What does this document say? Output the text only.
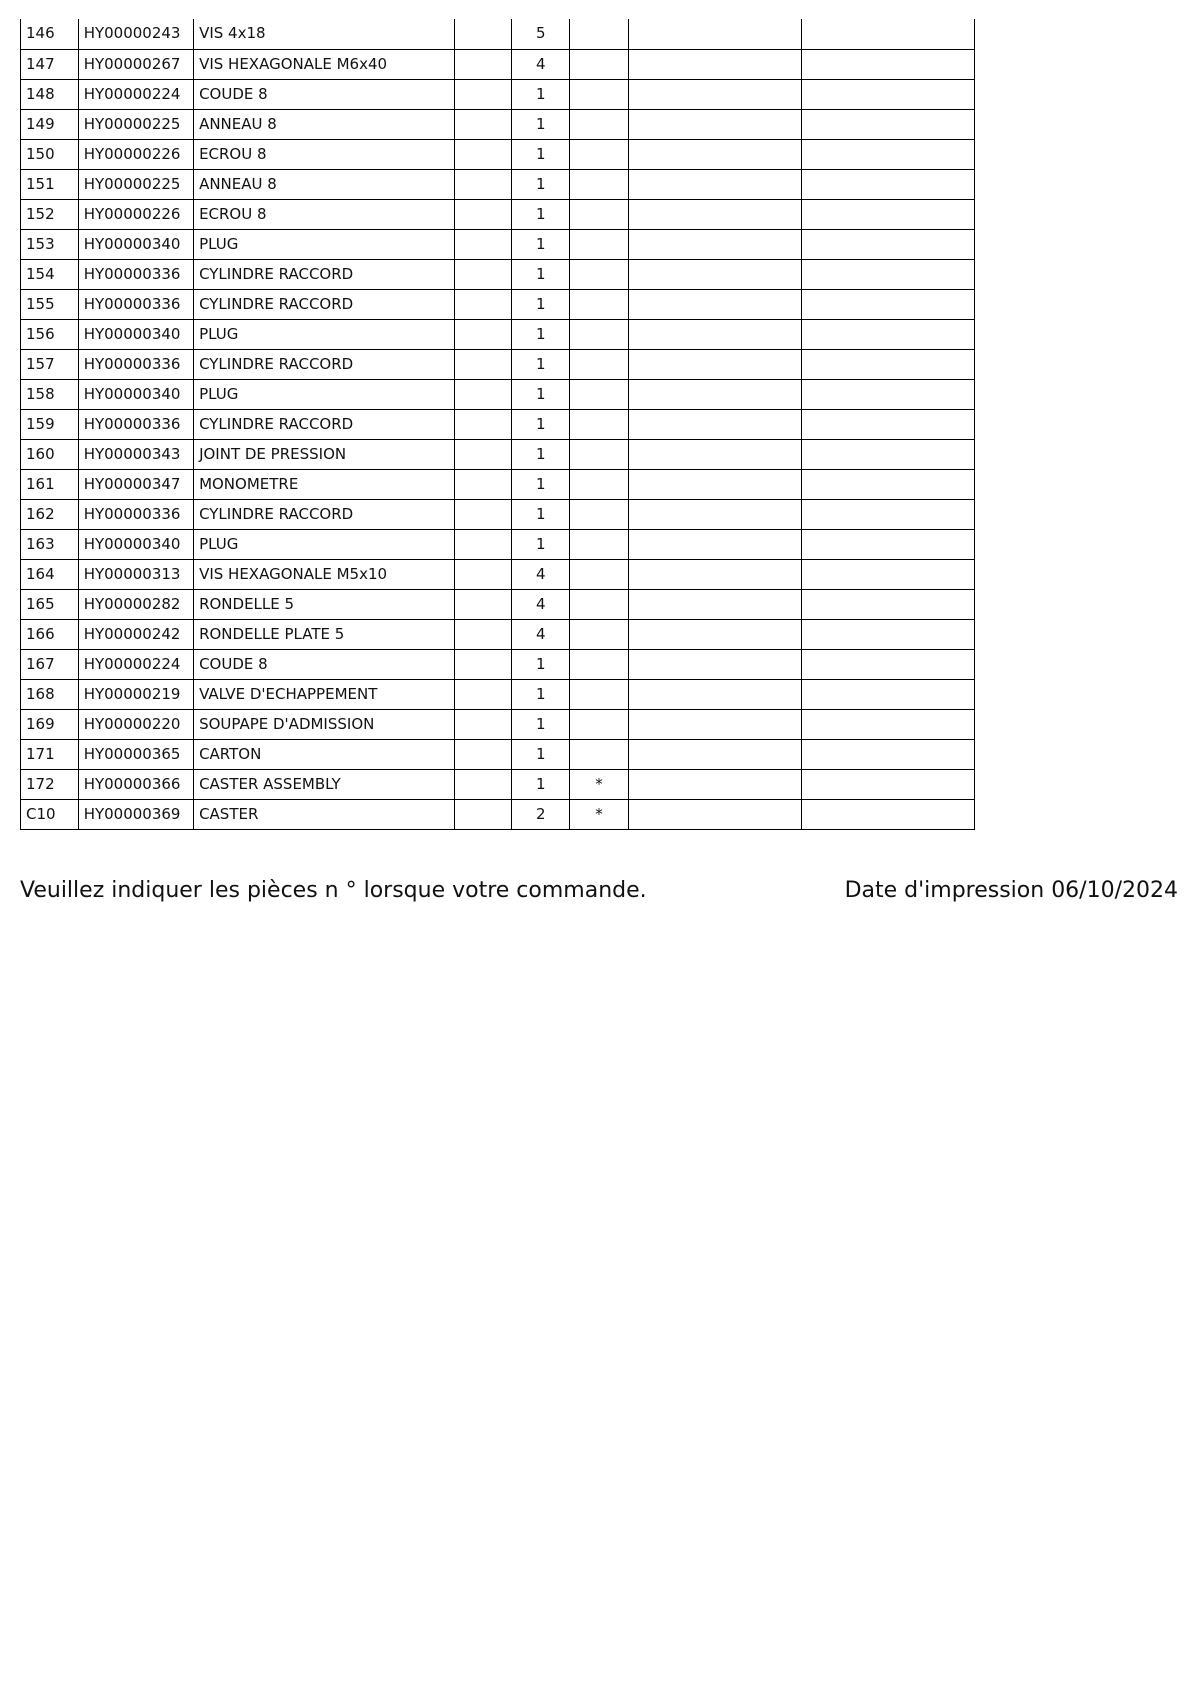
146	HY00000243	VIS 4x18		5			
147	HY00000267	VIS HEXAGONALE M6x40		4			
148	HY00000224	COUDE 8		1			
149	HY00000225	ANNEAU 8		1			
150	HY00000226	ECROU 8		1			
151	HY00000225	ANNEAU 8		1			
152	HY00000226	ECROU 8		1			
153	HY00000340	PLUG		1			
154	HY00000336	CYLINDRE RACCORD		1			
155	HY00000336	CYLINDRE RACCORD		1			
156	HY00000340	PLUG		1			
157	HY00000336	CYLINDRE RACCORD		1			
158	HY00000340	PLUG		1			
159	HY00000336	CYLINDRE RACCORD		1			
160	HY00000343	JOINT DE PRESSION		1			
161	HY00000347	MONOMETRE		1			
162	HY00000336	CYLINDRE RACCORD		1			
163	HY00000340	PLUG		1			
164	HY00000313	VIS HEXAGONALE M5x10		4			
165	HY00000282	RONDELLE 5		4			
166	HY00000242	RONDELLE PLATE 5		4			
167	HY00000224	COUDE 8		1			
168	HY00000219	VALVE D'ECHAPPEMENT		1			
169	HY00000220	SOUPAPE D'ADMISSION		1			
171	HY00000365	CARTON		1			
172	HY00000366	CASTER ASSEMBLY		1	*		
C10	HY00000369	CASTER		2	*		
Veuillez indiquer les pièces n ° lorsque votre commande.	Date d'impression 06/10/2024
